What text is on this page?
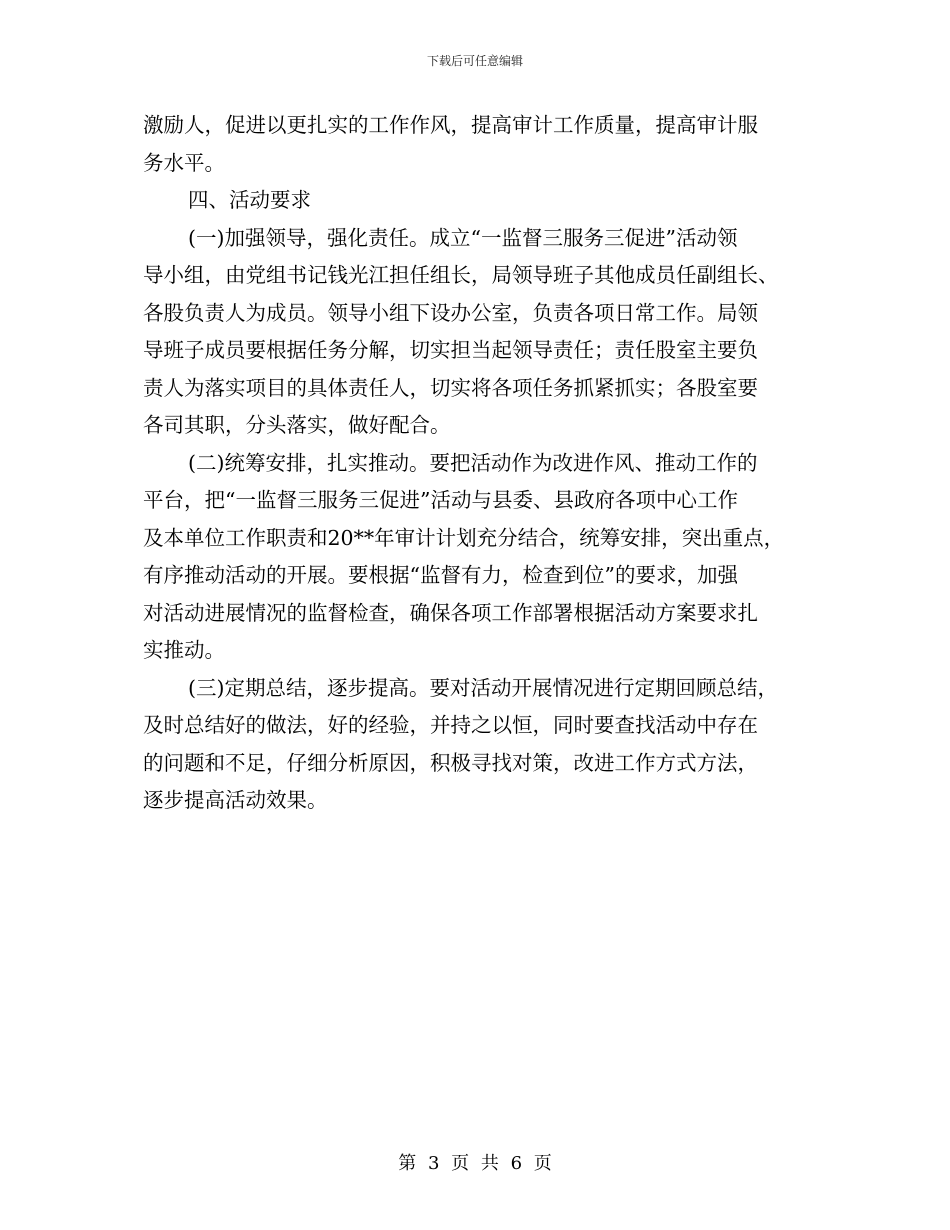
下载后可任意编辑
激励人，促进以更扎实的工作作风，提高审计工作质量，提高审计服
务水平。
四、活动要求
(一)加强领导，强化责任。成立“一监督三服务三促进”活动领
导小组，由党组书记钱光江担任组长，局领导班子其他成员任副组长、
各股负责人为成员。领导小组下设办公室，负责各项日常工作。局领
导班子成员要根据任务分解，切实担当起领导责任；责任股室主要负
责人为落实项目的具体责任人，切实将各项任务抓紧抓实；各股室要
各司其职，分头落实，做好配合。
(二)统筹安排，扎实推动。要把活动作为改进作风、推动工作的
平台，把“一监督三服务三促进”活动与县委、县政府各项中心工作
及本单位工作职责和20**年审计计划充分结合，统筹安排，突出重点，
有序推动活动的开展。要根据“监督有力，检查到位”的要求，加强
对活动进展情况的监督检查，确保各项工作部署根据活动方案要求扎
实推动。
(三)定期总结，逐步提高。要对活动开展情况进行定期回顾总结，
及时总结好的做法，好的经验，并持之以恒，同时要查找活动中存在
的问题和不足，仔细分析原因，积极寻找对策，改进工作方式方法，
逐步提高活动效果。
第 3 页 共 6 页
